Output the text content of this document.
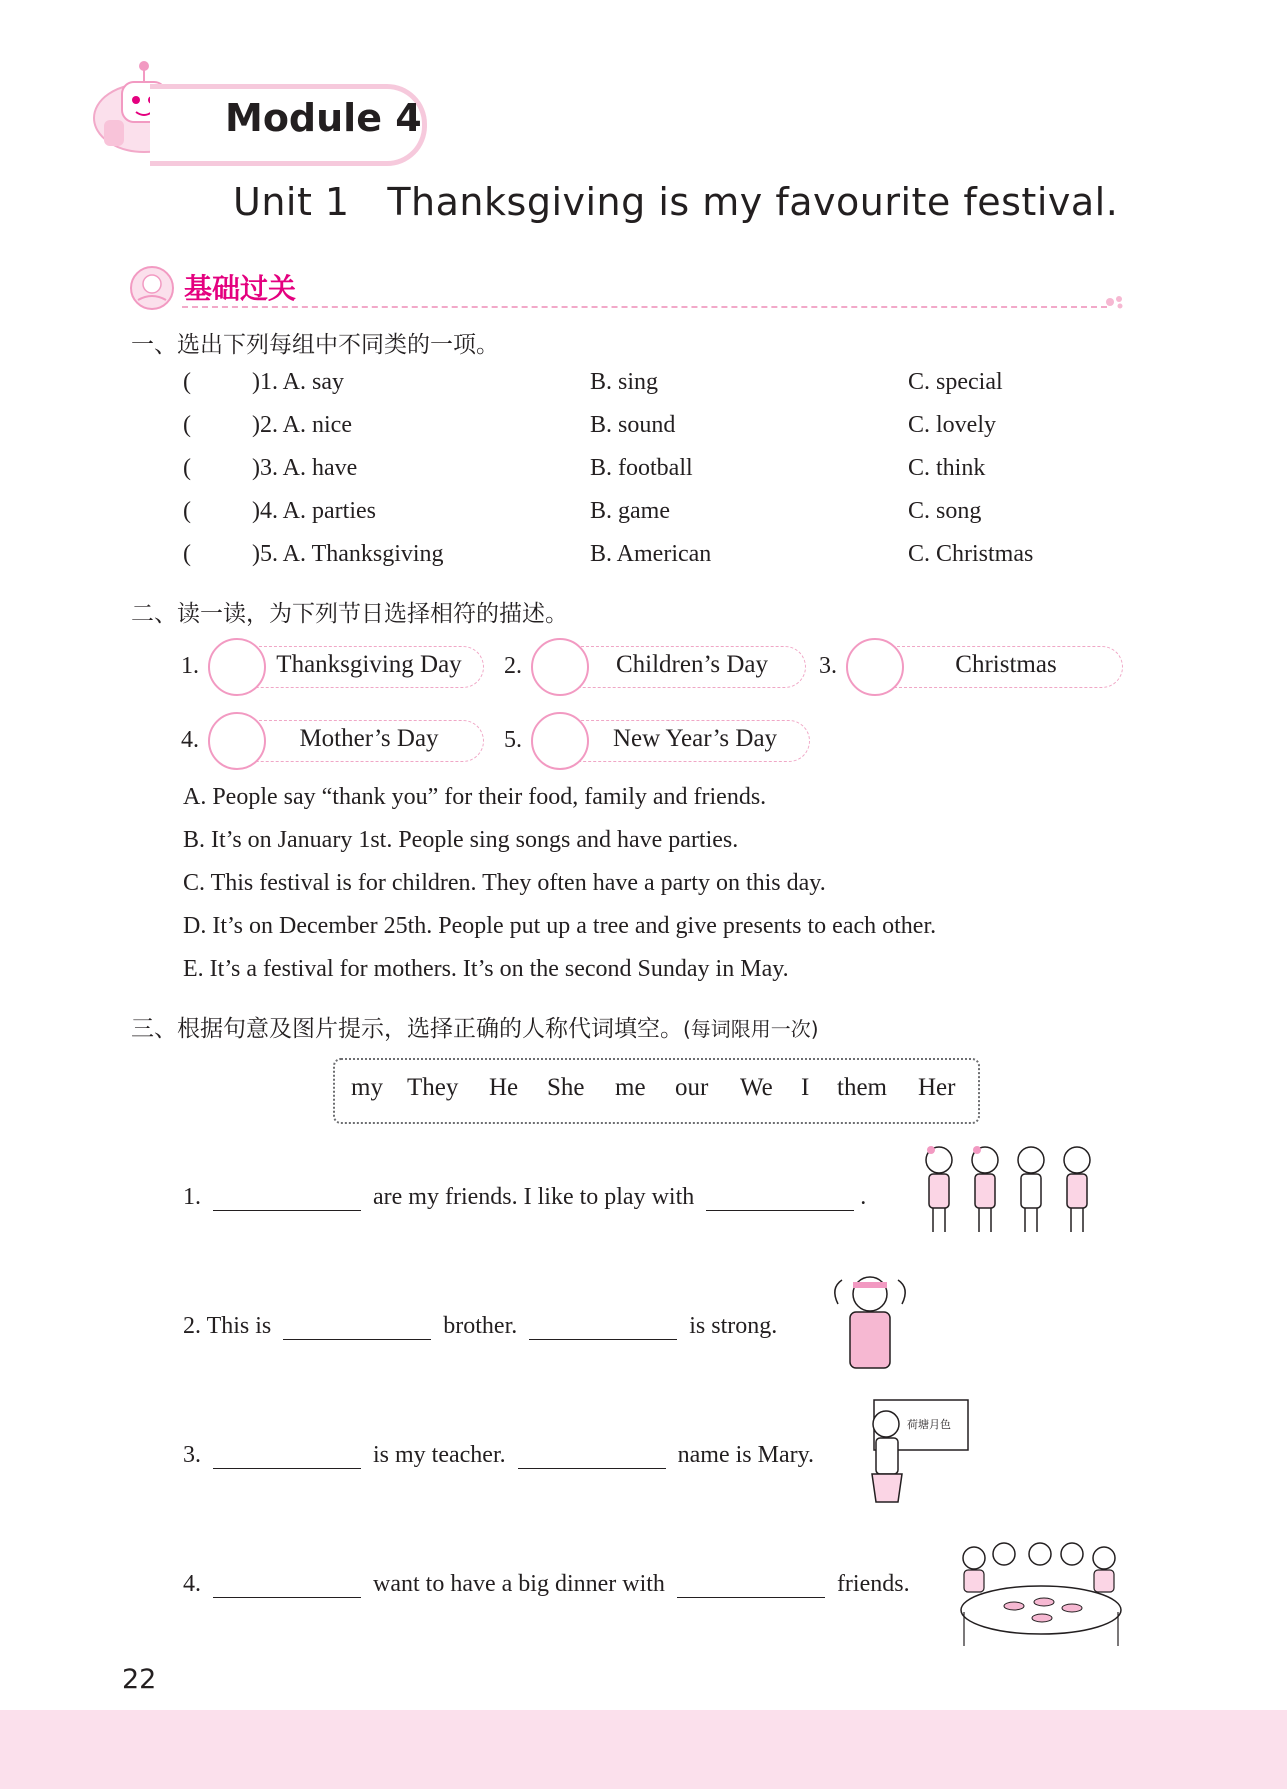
Module 4
Unit 1   Thanksgiving is my favourite festival.
基础过关
一、选出下列每组中不同类的一项。
(	)1. A. say	B. sing	C. special
(	)2. A. nice	B. sound	C. lovely
(	)3. A. have	B. football	C. think
(	)4. A. parties	B. game	C. song
(	)5. A. Thanksgiving	B. American	C. Christmas
二、读一读，为下列节日选择相符的描述。
1.	Thanksgiving Day	2.	Children’s Day	3.	Christmas
4.	Mother’s Day	5.	New Year’s Day
A. People say “thank you” for their food, family and friends.
B. It’s on January 1st. People sing songs and have parties.
C. This festival is for children. They often have a party on this day.
D. It’s on December 25th. People put up a tree and give presents to each other.
E. It’s a festival for mothers. It’s on the second Sunday in May.
三、根据句意及图片提示，选择正确的人称代词填空。(每词限用一次)
my They He She me our We I them Her
1.	are my friends. I like to play with	.
2. This is	brother.	is strong.
3.	is my teacher.	name is Mary.
荷塘月色
4.	want to have a big dinner with	friends.
22
